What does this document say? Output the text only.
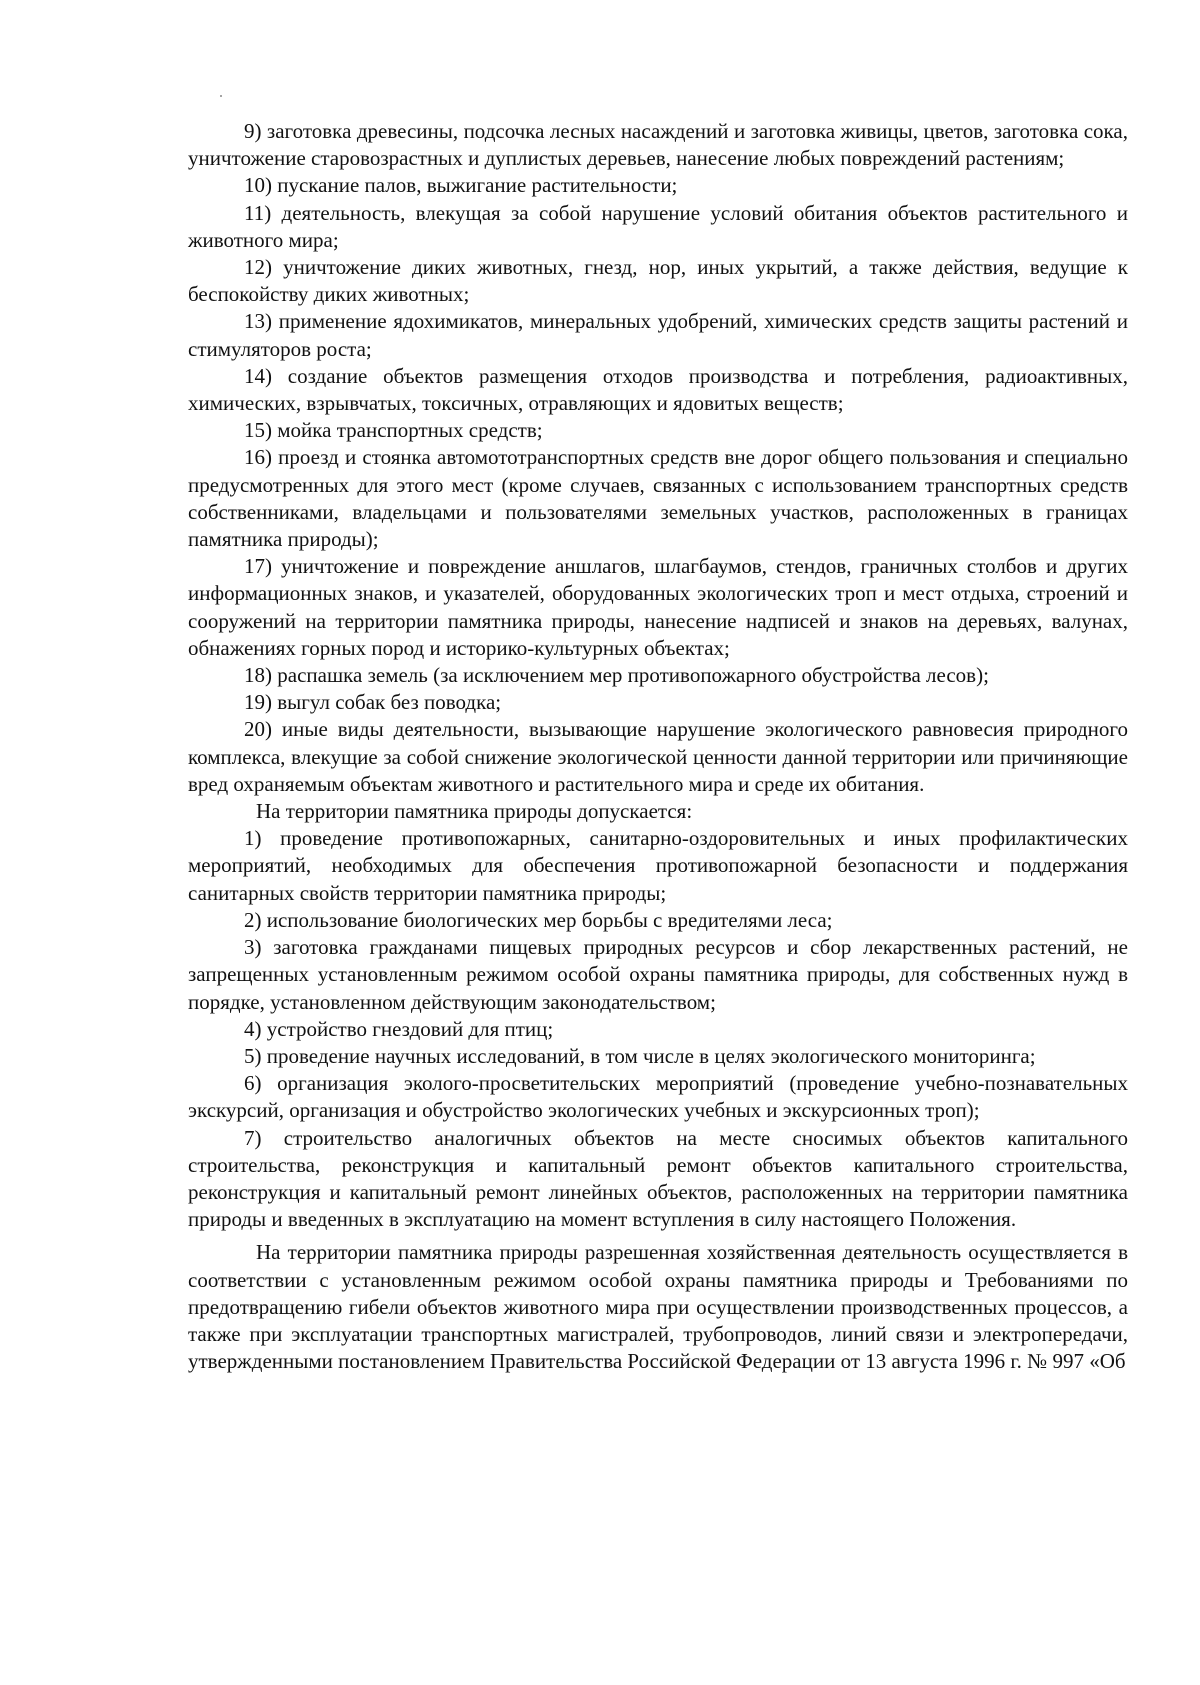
9) заготовка древесины, подсочка лесных насаждений и заготовка живицы, цветов, заготовка сока, уничтожение старовозрастных и дуплистых деревьев, нанесение любых повреждений растениям;

10) пускание палов, выжигание растительности;

11) деятельность, влекущая за собой нарушение условий обитания объектов растительного и животного мира;

12) уничтожение диких животных, гнезд, нор, иных укрытий, а также действия, ведущие к беспокойству диких животных;

13) применение ядохимикатов, минеральных удобрений, химических средств защиты растений и стимуляторов роста;

14) создание объектов размещения отходов производства и потребления, радиоактивных, химических, взрывчатых, токсичных, отравляющих и ядовитых веществ;

15) мойка транспортных средств;

16) проезд и стоянка автомототранспортных средств вне дорог общего пользования и специально предусмотренных для этого мест (кроме случаев, связанных с использованием транспортных средств собственниками, владельцами и пользователями земельных участков, расположенных в границах памятника природы);

17) уничтожение и повреждение аншлагов, шлагбаумов, стендов, граничных столбов и других информационных знаков, и указателей, оборудованных экологических троп и мест отдыха, строений и сооружений на территории памятника природы, нанесение надписей и знаков на деревьях, валунах, обнажениях горных пород и историко-культурных объектах;

18) распашка земель (за исключением мер противопожарного обустройства лесов);

19) выгул собак без поводка;

20) иные виды деятельности, вызывающие нарушение экологического равновесия природного комплекса, влекущие за собой снижение экологической ценности данной территории или причиняющие вред охраняемым объектам животного и растительного мира и среде их обитания.

На территории памятника природы допускается:

1) проведение противопожарных, санитарно-оздоровительных и иных профилактических мероприятий, необходимых для обеспечения противопожарной безопасности и поддержания санитарных свойств территории памятника природы;

2) использование биологических мер борьбы с вредителями леса;

3) заготовка гражданами пищевых природных ресурсов и сбор лекарственных растений, не запрещенных установленным режимом особой охраны памятника природы, для собственных нужд в порядке, установленном действующим законодательством;

4) устройство гнездовий для птиц;

5) проведение научных исследований, в том числе в целях экологического мониторинга;

6) организация эколого-просветительских мероприятий (проведение учебно-познавательных экскурсий, организация и обустройство экологических учебных и экскурсионных троп);

7) строительство аналогичных объектов на месте сносимых объектов капитального строительства, реконструкция и капитальный ремонт объектов капитального строительства, реконструкция и капитальный ремонт линейных объектов, расположенных на территории памятника природы и введенных в эксплуатацию на момент вступления в силу настоящего Положения.

На территории памятника природы разрешенная хозяйственная деятельность осуществляется в соответствии с установленным режимом особой охраны памятника природы и Требованиями по предотвращению гибели объектов животного мира при осуществлении производственных процессов, а также при эксплуатации транспортных магистралей, трубопроводов, линий связи и электропередачи, утвержденными постановлением Правительства Российской Федерации от 13 августа 1996 г. № 997 «Об
